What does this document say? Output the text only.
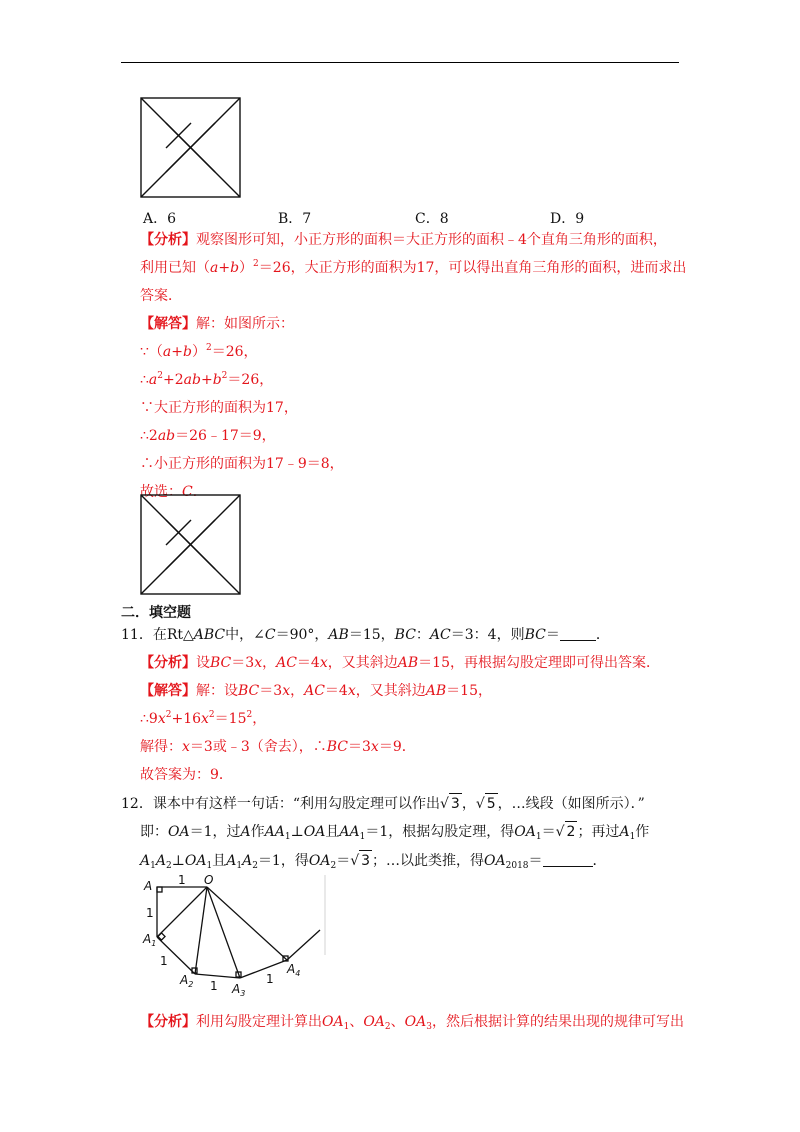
A．6	B．7	C．8	D．9
【分析】观察图形可知，小正方形的面积＝大正方形的面积﹣4个直角三角形的面积，
利用已知$(a+b)^2=26$，大正方形的面积为17，可以得出直角三角形的面积，进而求出
答案．
【解答】解：如图所示：
$\because(a+b)^2=26$，
$\therefore a^2+2ab+b^2=26$，
∵大正方形的面积为17，
∴2ab＝26﹣17＝9，
∴小正方形的面积为17﹣9＝8，
故选：C．
二．填空题
11．在Rt△ABC中，∠C＝90°，AB＝15，BC：AC＝3：4，则BC＝	．
【分析】设BC＝3x，AC＝4x，又其斜边AB＝15，再根据勾股定理即可得出答案．
【解答】解：设BC＝3x，AC＝4x，又其斜边AB＝15，
$\therefore 9x^2+16x^2=15^2$，
解得：x＝3或﹣3（舍去），∴BC＝3x＝9．
故答案为：9．
12．课本中有这样一句话：“利用勾股定理可以作出√ 3 ，√ 5 ，…线段（如图所示）．”
即：OA＝1，过A作$AA_1\perp OA$且$AA_1=1$，根据勾股定理，得$OA_1=√$ 2 ；再过$A_1$作
$A_1A_2\perp OA_1$且$A_1A_2=1$，得$OA_2=√$ 3 ；…以此类推，得$OA_{2018}=$	．
A	O
$A_1$
$A_2$	$A_3$
$A_4$
1
1
1
1	1
【分析】利用勾股定理计算出$OA_1$、$OA_2$、$OA_3$，然后根据计算的结果出现的规律可写出
